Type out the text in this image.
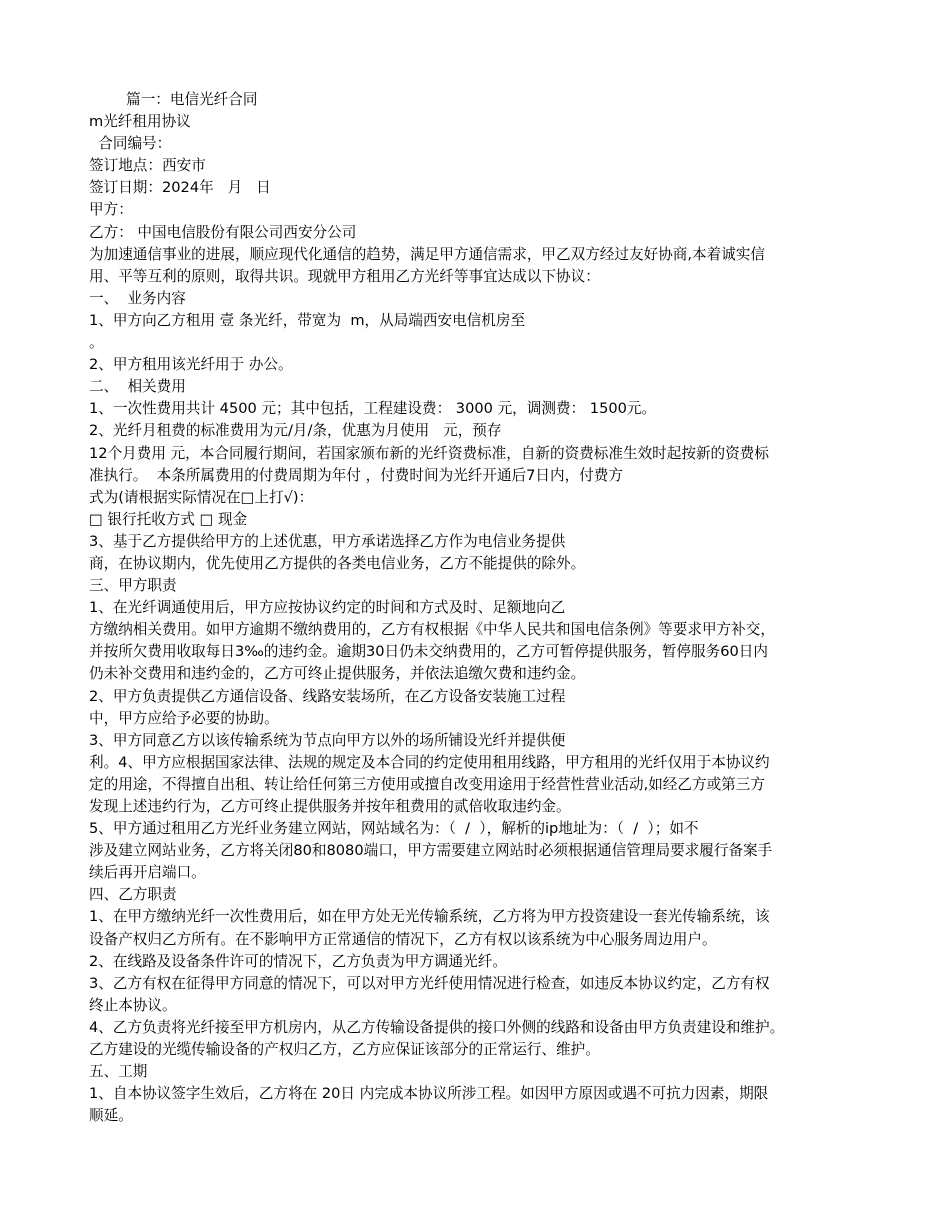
篇一：电信光纤合同
m光纤租用协议
合同编号：
签订地点：西安市
签订日期：2024年   月   日
甲方：
乙方： 中国电信股份有限公司西安分公司
为加速通信事业的进展，顺应现代化通信的趋势，满足甲方通信需求，甲乙双方经过友好协商,本着诚实信
用、平等互利的原则，取得共识。现就甲方租用乙方光纤等事宜达成以下协议：
一、  业务内容
1、甲方向乙方租用 壹 条光纤，带宽为  m，从局端西安电信机房至
。
2、甲方租用该光纤用于 办公。
二、  相关费用
1、一次性费用共计 4500 元；其中包括，工程建设费： 3000 元，调测费： 1500元。
2、光纤月租费的标准费用为元/月/条，优惠为月使用   元，预存
12个月费用 元，本合同履行期间，若国家颁布新的光纤资费标准，自新的资费标准生效时起按新的资费标
准执行。  本条所属费用的付费周期为年付 ，付费时间为光纤开通后7日内，付费方
式为(请根据实际情况在□上打√)：
□ 银行托收方式 □ 现金
3、基于乙方提供给甲方的上述优惠，甲方承诺选择乙方作为电信业务提供
商，在协议期内，优先使用乙方提供的各类电信业务，乙方不能提供的除外。
三、甲方职责
1、在光纤调通使用后，甲方应按协议约定的时间和方式及时、足额地向乙
方缴纳相关费用。如甲方逾期不缴纳费用的，乙方有权根据《中华人民共和国电信条例》等要求甲方补交，
并按所欠费用收取每日3‰的违约金。逾期30日仍未交纳费用的，乙方可暂停提供服务，暂停服务60日内
仍未补交费用和违约金的，乙方可终止提供服务，并依法追缴欠费和违约金。
2、甲方负责提供乙方通信设备、线路安装场所，在乙方设备安装施工过程
中，甲方应给予必要的协助。
3、甲方同意乙方以该传输系统为节点向甲方以外的场所铺设光纤并提供便
利。4、甲方应根据国家法律、法规的规定及本合同的约定使用租用线路，甲方租用的光纤仅用于本协议约
定的用途，不得擅自出租、转让给任何第三方使用或擅自改变用途用于经营性营业活动,如经乙方或第三方
发现上述违约行为，乙方可终止提供服务并按年租费用的贰倍收取违约金。
5、甲方通过租用乙方光纤业务建立网站，网站域名为：（  /  ），解析的ip地址为：（  /  ）；如不
涉及建立网站业务，乙方将关闭80和8080端口，甲方需要建立网站时必须根据通信管理局要求履行备案手
续后再开启端口。
四、乙方职责
1、在甲方缴纳光纤一次性费用后，如在甲方处无光传输系统，乙方将为甲方投资建设一套光传输系统，该
设备产权归乙方所有。在不影响甲方正常通信的情况下，乙方有权以该系统为中心服务周边用户。
2、在线路及设备条件许可的情况下，乙方负责为甲方调通光纤。
3、乙方有权在征得甲方同意的情况下，可以对甲方光纤使用情况进行检查，如违反本协议约定，乙方有权
终止本协议。
4、乙方负责将光纤接至甲方机房内，从乙方传输设备提供的接口外侧的线路和设备由甲方负责建设和维护。
乙方建设的光缆传输设备的产权归乙方，乙方应保证该部分的正常运行、维护。
五、工期
1、自本协议签字生效后，乙方将在 20日 内完成本协议所涉工程。如因甲方原因或遇不可抗力因素，期限
顺延。
